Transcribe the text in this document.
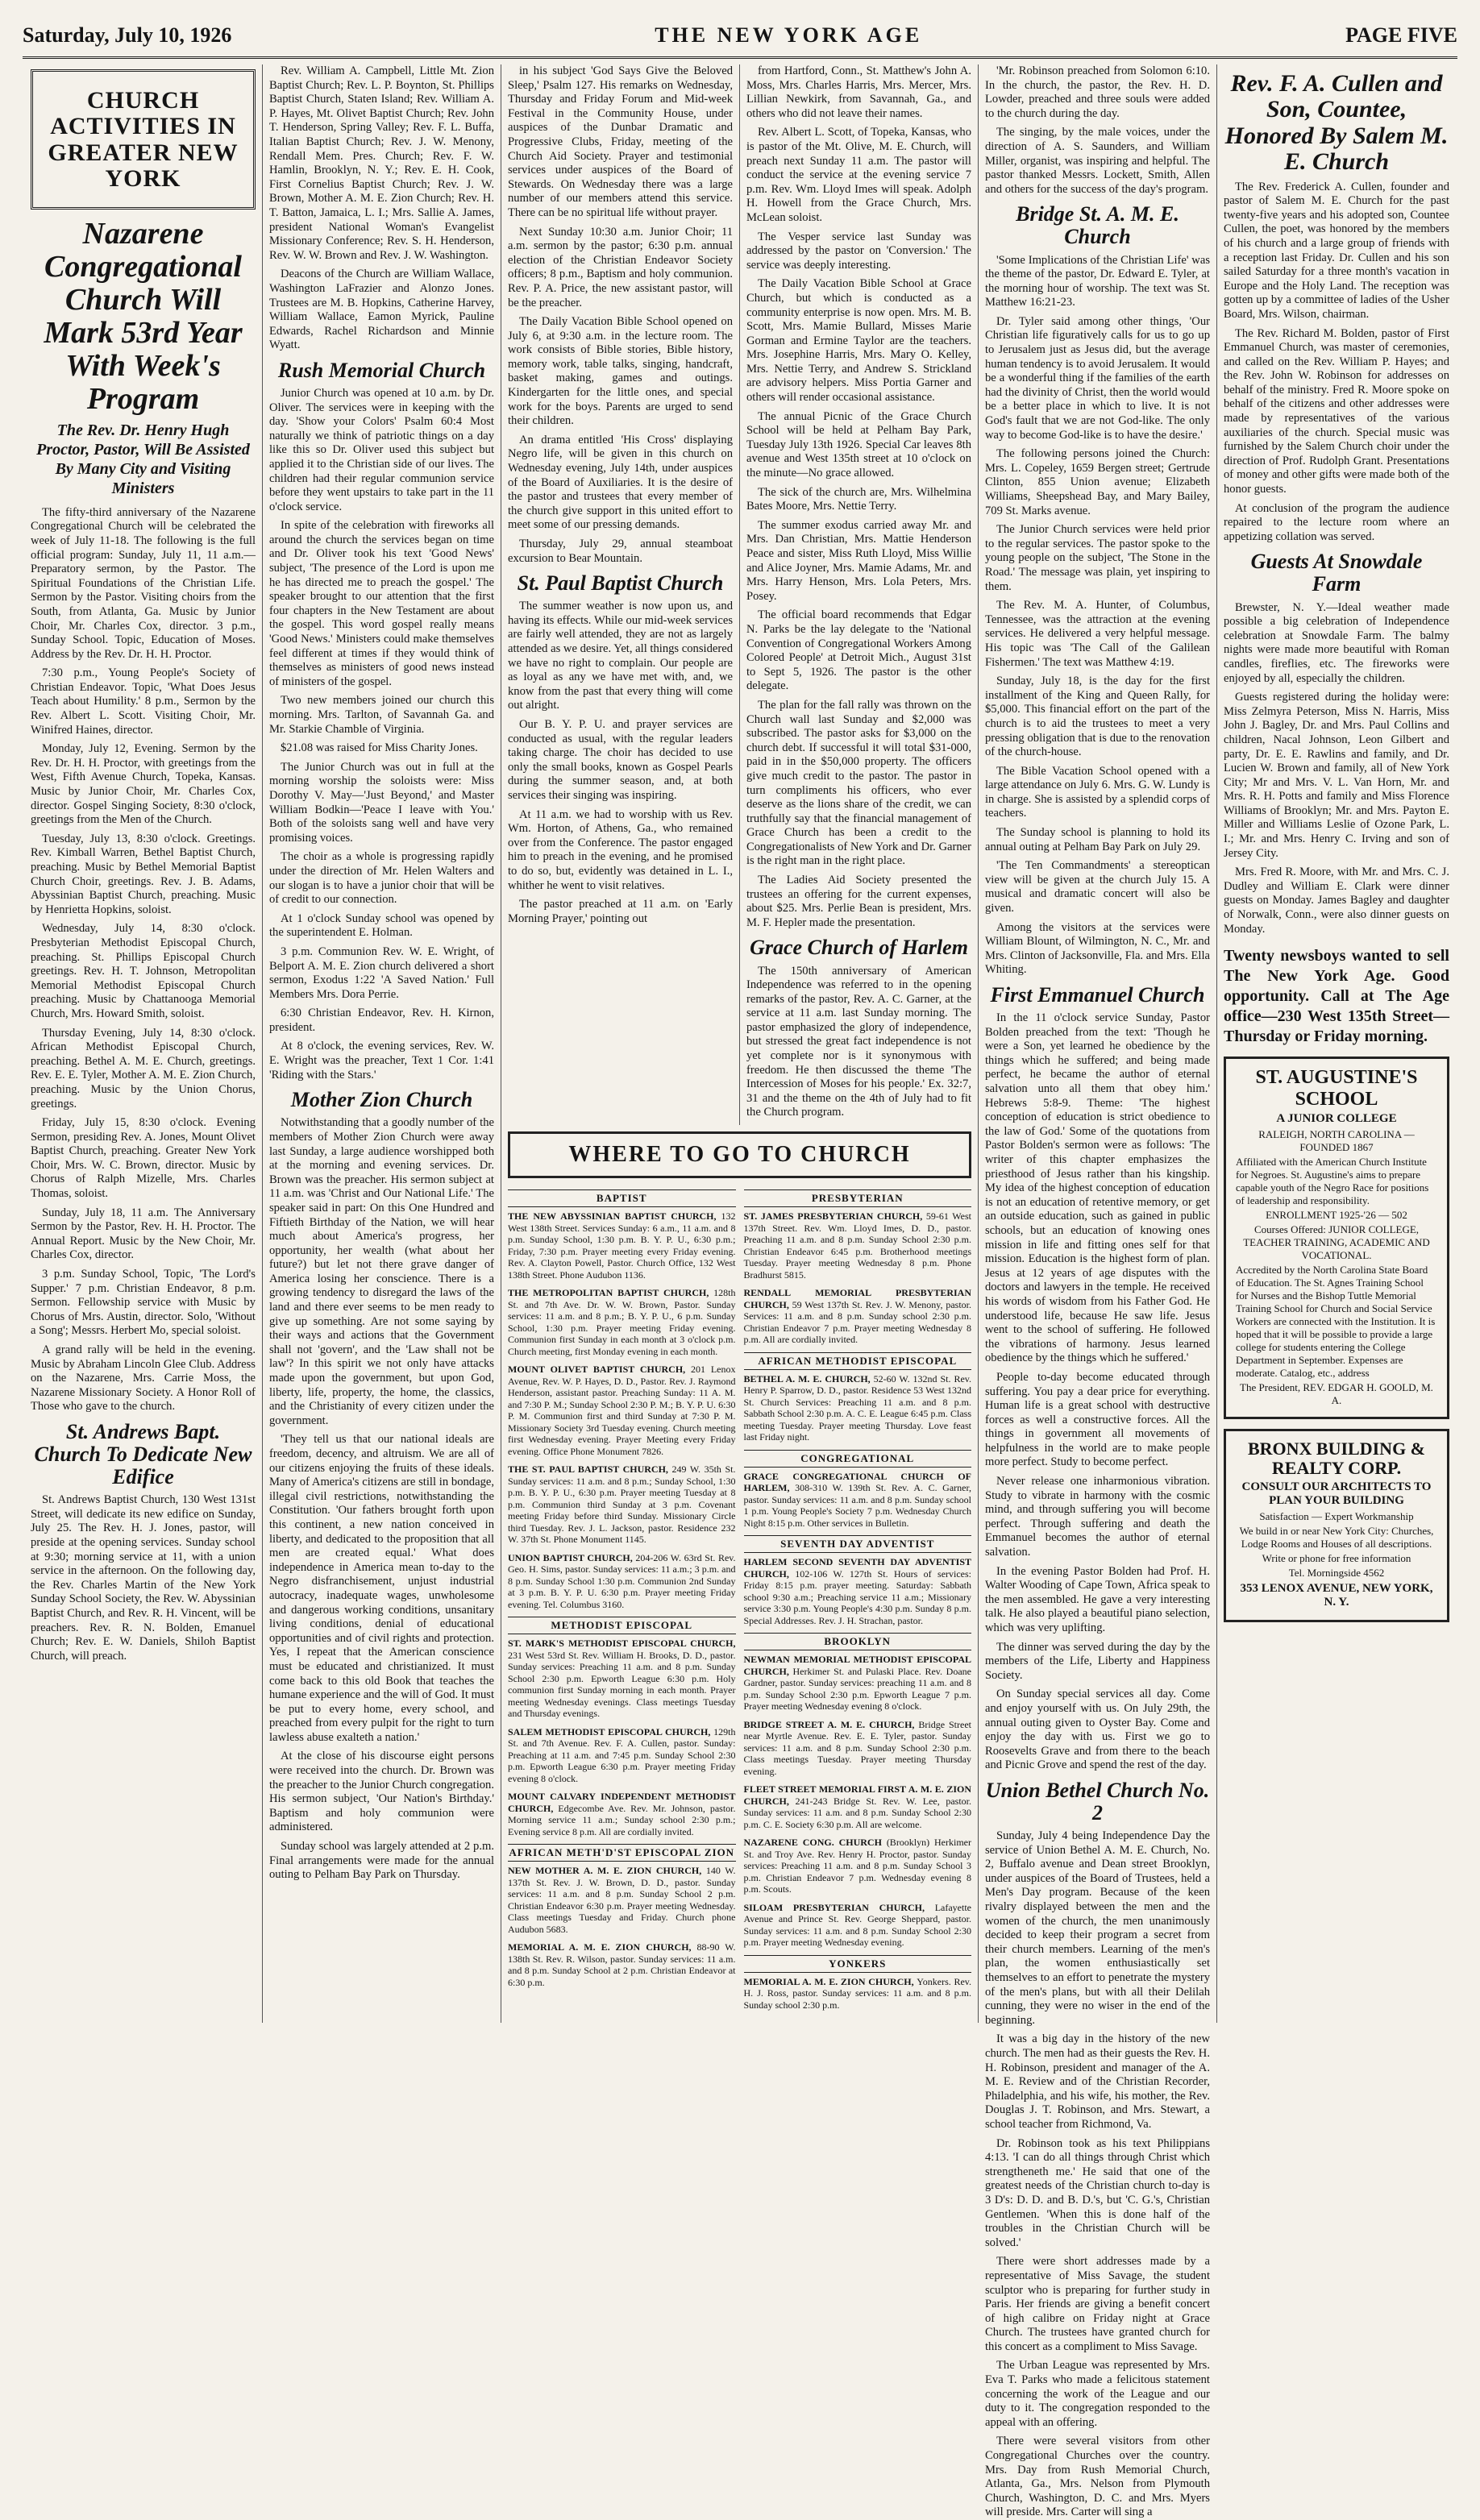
Saturday, July 10, 1926	THE NEW YORK AGE	PAGE FIVE
CHURCH ACTIVITIES IN GREATER NEW YORK
Nazarene Congregational Church Will Mark 53rd Year With Week's Program
The Rev. Dr. Henry Hugh Proctor, Pastor, Will Be Assisted By Many City and Visiting Ministers

The fifty-third anniversary of the Nazarene Congregational Church will be celebrated the week of July 11-18. The following is the full official program: Sunday, July 11, 11 a.m.—Preparatory sermon, by the Pastor. The Spiritual Foundations of the Christian Life. Sermon by the Pastor. Visiting choirs from the South, from Atlanta, Ga. Music by Junior Choir, Mr. Charles Cox, director. 3 p.m., Sunday School. Topic, Education of Moses. Address by the Rev. Dr. H. H. Proctor.

7:30 p.m., Young People's Society of Christian Endeavor. Topic, 'What Does Jesus Teach about Humility.' 8 p.m., Sermon by the Rev. Albert L. Scott. Visiting Choir, Mr. Winifred Haines, director.

Monday, July 12, Evening. Sermon by the Rev. Dr. H. H. Proctor, with greetings from the West, Fifth Avenue Church, Topeka, Kansas. Music by Junior Choir, Mr. Charles Cox, director. Gospel Singing Society, 8:30 o'clock, greetings from the Men of the Church.

Tuesday, July 13, 8:30 o'clock. Greetings. Rev. Kimball Warren, Bethel Baptist Church, preaching. Music by Bethel Memorial Baptist Church Choir, greetings. Rev. J. B. Adams, Abyssinian Baptist Church, preaching. Music by Henrietta Hopkins, soloist.

Wednesday, July 14, 8:30 o'clock. Presbyterian Methodist Episcopal Church, preaching. St. Phillips Episcopal Church greetings. Rev. H. T. Johnson, Metropolitan Memorial Methodist Episcopal Church preaching. Music by Chattanooga Memorial Church, Mrs. Howard Smith, soloist.

Thursday Evening, July 14, 8:30 o'clock. African Methodist Episcopal Church, preaching. Bethel A. M. E. Church, greetings. Rev. E. E. Tyler, Mother A. M. E. Zion Church, preaching. Music by the Union Chorus, greetings.

Friday, July 15, 8:30 o'clock. Evening Sermon, presiding Rev. A. Jones, Mount Olivet Baptist Church, preaching. Greater New York Choir, Mrs. W. C. Brown, director. Music by Chorus of Ralph Mizelle, Mrs. Charles Thomas, soloist.

Sunday, July 18, 11 a.m. The Anniversary Sermon by the Pastor, Rev. H. H. Proctor. The Annual Report. Music by the New Choir, Mr. Charles Cox, director.

3 p.m. Sunday School, Topic, 'The Lord's Supper.' 7 p.m. Christian Endeavor, 8 p.m. Sermon. Fellowship service with Music by Chorus of Mrs. Austin, director. Solo, 'Without a Song'; Messrs. Herbert Mo, special soloist.

A grand rally will be held in the evening. Music by Abraham Lincoln Glee Club. Address on the Nazarene, Mrs. Carrie Moss, the Nazarene Missionary Society. A Honor Roll of Those who gave to the church.

St. Andrews Bapt. Church To Dedicate New Edifice

St. Andrews Baptist Church, 130 West 131st Street, will dedicate its new edifice on Sunday, July 25. The Rev. H. J. Jones, pastor, will preside at the opening services. Sunday school at 9:30; morning service at 11, with a union service in the afternoon. On the following day, the Rev. Charles Martin of the New York Sunday School Society, the Rev. W. Abyssinian Baptist Church, and Rev. R. H. Vincent, will be preachers. Rev. R. N. Bolden, Emanuel Church; Rev. E. W. Daniels, Shiloh Baptist Church, will preach.

Rev. William A. Campbell, Little Mt. Zion Baptist Church; Rev. L. P. Boynton, St. Phillips Baptist Church, Staten Island; Rev. William A. P. Hayes, Mt. Olivet Baptist Church; Rev. John T. Henderson, Spring Valley; Rev. F. L. Buffa, Italian Baptist Church; Rev. J. W. Menony, Rendall Mem. Pres. Church; Rev. F. W. Hamlin, Brooklyn, N. Y.; Rev. E. H. Cook, First Cornelius Baptist Church; Rev. J. W. Brown, Mother A. M. E. Zion Church; Rev. H. T. Batton, Jamaica, L. I.; Mrs. Sallie A. James, president National Woman's Evangelist Missionary Conference; Rev. S. H. Henderson, Rev. W. W. Brown and Rev. J. W. Washington.

Deacons of the Church are William Wallace, Washington LaFrazier and Alonzo Jones. Trustees are M. B. Hopkins, Catherine Harvey, William Wallace, Eamon Myrick, Pauline Edwards, Rachel Richardson and Minnie Wyatt.

Rush Memorial Church

Junior Church was opened at 10 a.m. by Dr. Oliver. The services were in keeping with the day. 'Show your Colors' Psalm 60:4 Most naturally we think of patriotic things on a day like this so Dr. Oliver used this subject but applied it to the Christian side of our lives. The children had their regular communion service before they went upstairs to take part in the 11 o'clock service.

In spite of the celebration with fireworks all around the church the services began on time and Dr. Oliver took his text 'Good News' subject, 'The presence of the Lord is upon me he has directed me to preach the gospel.' The speaker brought to our attention that the first four chapters in the New Testament are about the gospel. This word gospel really means 'Good News.' Ministers could make themselves feel different at times if they would think of themselves as ministers of good news instead of ministers of the gospel.

Two new members joined our church this morning. Mrs. Tarlton, of Savannah Ga. and Mr. Starkie Chamble of Virginia.

$21.08 was raised for Miss Charity Jones.

The Junior Church was out in full at the morning worship the soloists were: Miss Dorothy V. May—'Just Beyond,' and Master William Bodkin—'Peace I leave with You.' Both of the soloists sang well and have very promising voices.

The choir as a whole is progressing rapidly under the direction of Mr. Helen Walters and our slogan is to have a junior choir that will be of credit to our connection.

At 1 o'clock Sunday school was opened by the superintendent E. Holman.

3 p.m. Communion Rev. W. E. Wright, of Belport A. M. E. Zion church delivered a short sermon, Exodus 1:22 'A Saved Nation.' Full Members Mrs. Dora Perrie.

6:30 Christian Endeavor, Rev. H. Kirnon, president.

At 8 o'clock, the evening services, Rev. W. E. Wright was the preacher, Text 1 Cor. 1:41 'Riding with the Stars.'

Mother Zion Church

Notwithstanding that a goodly number of the members of Mother Zion Church were away last Sunday, a large audience worshipped both at the morning and evening services. Dr. Brown was the preacher. His sermon subject at 11 a.m. was 'Christ and Our National Life.' The speaker said in part: On this One Hundred and Fiftieth Birthday of the Nation, we will hear much about America's progress, her opportunity, her wealth (what about her future?) but let not there grave danger of America losing her conscience. There is a growing tendency to disregard the laws of the land and there ever seems to be men ready to give up something. Are not some saying by their ways and actions that the Government shall not 'govern', and the 'Law shall not be law'? In this spirit we not only have attacks made upon the government, but upon God, liberty, life, property, the home, the classics, and the Christianity of every citizen under the government.

'They tell us that our national ideals are freedom, decency, and altruism. We are all of our citizens enjoying the fruits of these ideals. Many of America's citizens are still in bondage, illegal civil restrictions, notwithstanding the Constitution. 'Our fathers brought forth upon this continent, a new nation conceived in liberty, and dedicated to the proposition that all men are created equal.' What does independence in America mean to-day to the Negro disfranchisement, unjust industrial autocracy, inadequate wages, unwholesome and dangerous working conditions, unsanitary living conditions, denial of educational opportunities and of civil rights and protection. Yes, I repeat that the American conscience must be educated and christianized. It must come back to this old Book that teaches the humane experience and the will of God. It must be put to every home, every school, and preached from every pulpit for the right to turn lawless abuse exalteth a nation.'

At the close of his discourse eight persons were received into the church. Dr. Brown was the preacher to the Junior Church congregation. His sermon subject, 'Our Nation's Birthday.' Baptism and holy communion were administered.

Sunday school was largely attended at 2 p.m. Final arrangements were made for the annual outing to Pelham Bay Park on Thursday.

in his subject 'God Says Give the Beloved Sleep,' Psalm 127. His remarks on Wednesday, Thursday and Friday Forum and Mid-week Festival in the Community House, under auspices of the Dunbar Dramatic and Progressive Clubs, Friday, meeting of the Church Aid Society. Prayer and testimonial services under auspices of the Board of Stewards. On Wednesday there was a large number of our members attend this service. There can be no spiritual life without prayer.

Next Sunday 10:30 a.m. Junior Choir; 11 a.m. sermon by the pastor; 6:30 p.m. annual election of the Christian Endeavor Society officers; 8 p.m., Baptism and holy communion. Rev. P. A. Price, the new assistant pastor, will be the preacher.

The Daily Vacation Bible School opened on July 6, at 9:30 a.m. in the lecture room. The work consists of Bible stories, Bible history, memory work, table talks, singing, handcraft, basket making, games and outings. Kindergarten for the little ones, and special work for the boys. Parents are urged to send their children.

An drama entitled 'His Cross' displaying Negro life, will be given in this church on Wednesday evening, July 14th, under auspices of the Board of Auxiliaries. It is the desire of the pastor and trustees that every member of the church give support in this united effort to meet some of our pressing demands.

Thursday, July 29, annual steamboat excursion to Bear Mountain.

St. Paul Baptist Church

The summer weather is now upon us, and having its effects. While our mid-week services are fairly well attended, they are not as largely attended as we desire. Yet, all things considered we have no right to complain. Our people are as loyal as any we have met with, and, we know from the past that every thing will come out alright.

Our B. Y. P. U. and prayer services are conducted as usual, with the regular leaders taking charge. The choir has decided to use only the small books, known as Gospel Pearls during the summer season, and, at both services their singing was inspiring.

At 11 a.m. we had to worship with us Rev. Wm. Horton, of Athens, Ga., who remained over from the Conference. The pastor engaged him to preach in the evening, and he promised to do so, but, evidently was detained in L. I., whither he went to visit relatives.

The pastor preached at 11 a.m. on 'Early Morning Prayer,' pointing out

from Hartford, Conn., St. Matthew's John A. Moss, Mrs. Charles Harris, Mrs. Mercer, Mrs. Lillian Newkirk, from Savannah, Ga., and others who did not leave their names.

Rev. Albert L. Scott, of Topeka, Kansas, who is pastor of the Mt. Olive, M. E. Church, will preach next Sunday 11 a.m. The pastor will conduct the service at the evening service 7 p.m. Rev. Wm. Lloyd Imes will speak. Adolph H. Howell from the Grace Church, Mrs. McLean soloist.

The Vesper service last Sunday was addressed by the pastor on 'Conversion.' The service was deeply interesting.

The Daily Vacation Bible School at Grace Church, but which is conducted as a community enterprise is now open. Mrs. M. B. Scott, Mrs. Mamie Bullard, Misses Marie Gorman and Ermine Taylor are the teachers. Mrs. Josephine Harris, Mrs. Mary O. Kelley, Mrs. Nettie Terry, and Andrew S. Strickland are advisory helpers. Miss Portia Garner and others will render occasional assistance.

The annual Picnic of the Grace Church School will be held at Pelham Bay Park, Tuesday July 13th 1926. Special Car leaves 8th avenue and West 135th street at 10 o'clock on the minute—No grace allowed.

The sick of the church are, Mrs. Wilhelmina Bates Moore, Mrs. Nettie Terry.

The summer exodus carried away Mr. and Mrs. Dan Christian, Mrs. Mattie Henderson Peace and sister, Miss Ruth Lloyd, Miss Willie and Alice Joyner, Mrs. Mamie Adams, Mr. and Mrs. Harry Henson, Mrs. Lola Peters, Mrs. Posey.

The official board recommends that Edgar N. Parks be the lay delegate to the 'National Convention of Congregational Workers Among Colored People' at Detroit Mich., August 31st to Sept 5, 1926. The pastor is the other delegate.

The plan for the fall rally was thrown on the Church wall last Sunday and $2,000 was subscribed. The pastor asks for $3,000 on the church debt. If successful it will total $31-000, paid in in the $50,000 property. The officers give much credit to the pastor. The pastor in turn compliments his officers, who ever deserve as the lions share of the credit, we can truthfully say that the financial management of Grace Church has been a credit to the Congregationalists of New York and Dr. Garner is the right man in the right place.

The Ladies Aid Society presented the trustees an offering for the current expenses, about $25. Mrs. Perlie Bean is president, Mrs. M. F. Hepler made the presentation.

Grace Church of Harlem

The 150th anniversary of American Independence was referred to in the opening remarks of the pastor, Rev. A. C. Garner, at the service at 11 a.m. last Sunday morning. The pastor emphasized the glory of independence, but stressed the great fact independence is not yet complete nor is it synonymous with freedom. He then discussed the theme 'The Intercession of Moses for his people.' Ex. 32:7, 31 and the theme on the 4th of July had to fit the Church program.

WHERE TO GO TO CHURCH
BAPTIST
THE NEW ABYSSINIAN BAPTIST CHURCH, 132 West 138th Street. Services Sunday: 6 a.m., 11 a.m. and 8 p.m. Sunday School, 1:30 p.m. B. Y. P. U., 6:30 p.m.; Friday, 7:30 p.m. Prayer meeting every Friday evening. Rev. A. Clayton Powell, Pastor. Church Office, 132 West 138th Street. Phone Audubon 1136.
THE METROPOLITAN BAPTIST CHURCH, 128th St. and 7th Ave. Dr. W. W. Brown, Pastor. Sunday services: 11 a.m. and 8 p.m.; B. Y. P. U., 6 p.m. Sunday School, 1:30 p.m. Prayer meeting Friday evening. Communion first Sunday in each month at 3 o'clock p.m. Church meeting, first Monday evening in each month.
MOUNT OLIVET BAPTIST CHURCH, 201 Lenox Avenue, Rev. W. P. Hayes, D. D., Pastor. Rev. J. Raymond Henderson, assistant pastor. Preaching Sunday: 11 A. M. and 7:30 P. M.; Sunday School 2:30 P. M.; B. Y. P. U. 6:30 P. M. Communion first and third Sunday at 7:30 P. M. Missionary Society 3rd Tuesday evening. Church meeting first Wednesday evening. Prayer Meeting every Friday evening. Office Phone Monument 7826.
THE ST. PAUL BAPTIST CHURCH, 249 W. 35th St. Sunday services: 11 a.m. and 8 p.m.; Sunday School, 1:30 p.m. B. Y. P. U., 6:30 p.m. Prayer meeting Tuesday at 8 p.m. Communion third Sunday at 3 p.m. Covenant meeting Friday before third Sunday. Missionary Circle third Tuesday. Rev. J. L. Jackson, pastor. Residence 232 W. 37th St. Phone Monument 1145.
UNION BAPTIST CHURCH, 204-206 W. 63rd St. Rev. Geo. H. Sims, pastor. Sunday services: 11 a.m.; 3 p.m. and 8 p.m. Sunday School 1:30 p.m. Communion 2nd Sunday at 3 p.m. B. Y. P. U. 6:30 p.m. Prayer meeting Friday evening. Tel. Columbus 3160.
METHODIST EPISCOPAL
ST. MARK'S METHODIST EPISCOPAL CHURCH, 231 West 53rd St. Rev. William H. Brooks, D. D., pastor. Sunday services: Preaching 11 a.m. and 8 p.m. Sunday School 2:30 p.m. Epworth League 6:30 p.m. Holy communion first Sunday morning in each month. Prayer meeting Wednesday evenings. Class meetings Tuesday and Thursday evenings.
SALEM METHODIST EPISCOPAL CHURCH, 129th St. and 7th Avenue. Rev. F. A. Cullen, pastor. Sunday: Preaching at 11 a.m. and 7:45 p.m. Sunday School 2:30 p.m. Epworth League 6:30 p.m. Prayer meeting Friday evening 8 o'clock.
MOUNT CALVARY INDEPENDENT METHODIST CHURCH, Edgecombe Ave. Rev. Mr. Johnson, pastor. Morning service 11 a.m.; Sunday school 2:30 p.m.; Evening service 8 p.m. All are cordially invited.
AFRICAN METH'D'ST EPISCOPAL ZION
NEW MOTHER A. M. E. ZION CHURCH, 140 W. 137th St. Rev. J. W. Brown, D. D., pastor. Sunday services: 11 a.m. and 8 p.m. Sunday School 2 p.m. Christian Endeavor 6:30 p.m. Prayer meeting Wednesday. Class meetings Tuesday and Friday. Church phone Audubon 5683.
MEMORIAL A. M. E. ZION CHURCH, 88-90 W. 138th St. Rev. R. Wilson, pastor. Sunday services: 11 a.m. and 8 p.m. Sunday School at 2 p.m. Christian Endeavor at 6:30 p.m.
PRESBYTERIAN
ST. JAMES PRESBYTERIAN CHURCH, 59-61 West 137th Street. Rev. Wm. Lloyd Imes, D. D., pastor. Preaching 11 a.m. and 8 p.m. Sunday School 2:30 p.m. Christian Endeavor 6:45 p.m. Brotherhood meetings Tuesday. Prayer meeting Wednesday 8 p.m. Phone Bradhurst 5815.
RENDALL MEMORIAL PRESBYTERIAN CHURCH, 59 West 137th St. Rev. J. W. Menony, pastor. Services: 11 a.m. and 8 p.m. Sunday school 2:30 p.m. Christian Endeavor 7 p.m. Prayer meeting Wednesday 8 p.m. All are cordially invited.
AFRICAN METHODIST EPISCOPAL
BETHEL A. M. E. CHURCH, 52-60 W. 132nd St. Rev. Henry P. Sparrow, D. D., pastor. Residence 53 West 132nd St. Church Services: Preaching 11 a.m. and 8 p.m. Sabbath School 2:30 p.m. A. C. E. League 6:45 p.m. Class meeting Tuesday. Prayer meeting Thursday. Love feast last Friday night.
CONGREGATIONAL
GRACE CONGREGATIONAL CHURCH OF HARLEM, 308-310 W. 139th St. Rev. A. C. Garner, pastor. Sunday services: 11 a.m. and 8 p.m. Sunday school 1 p.m. Young People's Society 7 p.m. Wednesday Church Night 8:15 p.m. Other services in Bulletin.
SEVENTH DAY ADVENTIST
HARLEM SECOND SEVENTH DAY ADVENTIST CHURCH, 102-106 W. 127th St. Hours of services: Friday 8:15 p.m. prayer meeting. Saturday: Sabbath school 9:30 a.m.; Preaching service 11 a.m.; Missionary service 3:30 p.m. Young People's 4:30 p.m. Sunday 8 p.m. Special Addresses. Rev. J. H. Strachan, pastor.
BROOKLYN
NEWMAN MEMORIAL METHODIST EPISCOPAL CHURCH, Herkimer St. and Pulaski Place. Rev. Doane Gardner, pastor. Sunday services: preaching 11 a.m. and 8 p.m. Sunday School 2:30 p.m. Epworth League 7 p.m. Prayer meeting Wednesday evening 8 o'clock.
BRIDGE STREET A. M. E. CHURCH, Bridge Street near Myrtle Avenue. Rev. E. E. Tyler, pastor. Sunday services: 11 a.m. and 8 p.m. Sunday School 2:30 p.m. Class meetings Tuesday. Prayer meeting Thursday evening.
FLEET STREET MEMORIAL FIRST A. M. E. ZION CHURCH, 241-243 Bridge St. Rev. W. Lee, pastor. Sunday services: 11 a.m. and 8 p.m. Sunday School 2:30 p.m. C. E. Society 6:30 p.m. All are welcome.
NAZARENE CONG. CHURCH (Brooklyn) Herkimer St. and Troy Ave. Rev. Henry H. Proctor, pastor. Sunday services: Preaching 11 a.m. and 8 p.m. Sunday School 3 p.m. Christian Endeavor 7 p.m. Wednesday evening 8 p.m. Scouts.
SILOAM PRESBYTERIAN CHURCH, Lafayette Avenue and Prince St. Rev. George Sheppard, pastor. Sunday services: 11 a.m. and 8 p.m. Sunday School 2:30 p.m. Prayer meeting Wednesday evening.
YONKERS
MEMORIAL A. M. E. ZION CHURCH, Yonkers. Rev. H. J. Ross, pastor. Sunday services: 11 a.m. and 8 p.m. Sunday school 2:30 p.m.

'Mr. Robinson preached from Solomon 6:10. In the church, the pastor, the Rev. H. D. Lowder, preached and three souls were added to the church during the day.

The singing, by the male voices, under the direction of A. S. Saunders, and William Miller, organist, was inspiring and helpful. The pastor thanked Messrs. Lockett, Smith, Allen and others for the success of the day's program.

Bridge St. A. M. E. Church

'Some Implications of the Christian Life' was the theme of the pastor, Dr. Edward E. Tyler, at the morning hour of worship. The text was St. Matthew 16:21-23.

Dr. Tyler said among other things, 'Our Christian life figuratively calls for us to go up to Jerusalem just as Jesus did, but the average human tendency is to avoid Jerusalem. It would be a wonderful thing if the families of the earth had the divinity of Christ, then the world would be a better place in which to live. It is not God's fault that we are not God-like. The only way to become God-like is to have the desire.'

The following persons joined the Church: Mrs. L. Copeley, 1659 Bergen street; Gertrude Clinton, 855 Union avenue; Elizabeth Williams, Sheepshead Bay, and Mary Bailey, 709 St. Marks avenue.

The Junior Church services were held prior to the regular services. The pastor spoke to the young people on the subject, 'The Stone in the Road.' The message was plain, yet inspiring to them.

The Rev. M. A. Hunter, of Columbus, Tennessee, was the attraction at the evening services. He delivered a very helpful message. His topic was 'The Call of the Galilean Fishermen.' The text was Matthew 4:19.

Sunday, July 18, is the day for the first installment of the King and Queen Rally, for $5,000. This financial effort on the part of the church is to aid the trustees to meet a very pressing obligation that is due to the renovation of the church-house.

The Bible Vacation School opened with a large attendance on July 6. Mrs. G. W. Lundy is in charge. She is assisted by a splendid corps of teachers.

The Sunday school is planning to hold its annual outing at Pelham Bay Park on July 29.

'The Ten Commandments' a stereoptican view will be given at the church July 15. A musical and dramatic concert will also be given.

Among the visitors at the services were William Blount, of Wilmington, N. C., Mr. and Mrs. Clinton of Jacksonville, Fla. and Mrs. Ella Whiting.

First Emmanuel Church

In the 11 o'clock service Sunday, Pastor Bolden preached from the text: 'Though he were a Son, yet learned he obedience by the things which he suffered; and being made perfect, he became the author of eternal salvation unto all them that obey him.' Hebrews 5:8-9. Theme: 'The highest conception of education is strict obedience to the law of God.' Some of the quotations from Pastor Bolden's sermon were as follows: 'The writer of this chapter emphasizes the priesthood of Jesus rather than his kingship. My idea of the highest conception of education is not an education of retentive memory, or get an outside education, such as gained in public schools, but an education of knowing ones mission in life and fitting ones self for that mission. Education is the highest form of plan. Jesus at 12 years of age disputes with the doctors and lawyers in the temple. He received his words of wisdom from his Father God. He understood life, because He saw life. Jesus went to the school of suffering. He followed the vibrations of harmony. Jesus learned obedience by the things which he suffered.'

People to-day become educated through suffering. You pay a dear price for everything. Human life is a great school with destructive forces as well a constructive forces. All the things in government all movements of helpfulness in the world are to make people more perfect. Study to become perfect.

Never release one inharmonious vibration. Study to vibrate in harmony with the cosmic mind, and through suffering you will become perfect. Through suffering and death the Emmanuel becomes the author of eternal salvation.

In the evening Pastor Bolden had Prof. H. Walter Wooding of Cape Town, Africa speak to the men assembled. He gave a very interesting talk. He also played a beautiful piano selection, which was very uplifting.

The dinner was served during the day by the members of the Life, Liberty and Happiness Society.

On Sunday special services all day. Come and enjoy yourself with us. On July 29th, the annual outing given to Oyster Bay. Come and enjoy the day with us. First we go to Roosevelts Grave and from there to the beach and Picnic Grove and spend the rest of the day.

Union Bethel Church No. 2

Sunday, July 4 being Independence Day the service of Union Bethel A. M. E. Church, No. 2, Buffalo avenue and Dean street Brooklyn, under auspices of the Board of Trustees, held a Men's Day program. Because of the keen rivalry displayed between the men and the women of the church, the men unanimously decided to keep their program a secret from their church members. Learning of the men's plan, the women enthusiastically set themselves to an effort to penetrate the mystery of the men's plans, but with all their Delilah cunning, they were no wiser in the end of the beginning.

It was a big day in the history of the new church. The men had as their guests the Rev. H. H. Robinson, president and manager of the A. M. E. Review and of the Christian Recorder, Philadelphia, and his wife, his mother, the Rev. Douglas J. T. Robinson, and Mrs. Stewart, a school teacher from Richmond, Va.

Dr. Robinson took as his text Philippians 4:13. 'I can do all things through Christ which strengtheneth me.' He said that one of the greatest needs of the Christian church to-day is 3 D's: D. D. and B. D.'s, but 'C. G.'s, Christian Gentlemen. 'When this is done half of the troubles in the Christian Church will be solved.'

There were short addresses made by a representative of Miss Savage, the student sculptor who is preparing for further study in Paris. Her friends are giving a benefit concert of high calibre on Friday night at Grace Church. The trustees have granted church for this concert as a compliment to Miss Savage.

The Urban League was represented by Mrs. Eva T. Parks who made a felicitous statement concerning the work of the League and our duty to it. The congregation responded to the appeal with an offering.

There were several visitors from other Congregational Churches over the country. Mrs. Day from Rush Memorial Church, Atlanta, Ga., Mrs. Nelson from Plymouth Church, Washington, D. C. and Mrs. Myers will preside. Mrs. Carter will sing a

Rev. F. A. Cullen and Son, Countee, Honored By Salem M. E. Church

The Rev. Frederick A. Cullen, founder and pastor of Salem M. E. Church for the past twenty-five years and his adopted son, Countee Cullen, the poet, was honored by the members of his church and a large group of friends with a reception last Friday. Dr. Cullen and his son sailed Saturday for a three month's vacation in Europe and the Holy Land. The reception was gotten up by a committee of ladies of the Usher Board, Mrs. Wilson, chairman.

The Rev. Richard M. Bolden, pastor of First Emmanuel Church, was master of ceremonies, and called on the Rev. William P. Hayes; and the Rev. John W. Robinson for addresses on behalf of the ministry. Fred R. Moore spoke on behalf of the citizens and other addresses were made by representatives of the various auxiliaries of the church. Special music was furnished by the Salem Church choir under the direction of Prof. Rudolph Grant. Presentations of money and other gifts were made both of the honor guests.

At conclusion of the program the audience repaired to the lecture room where an appetizing collation was served.

Guests At Snowdale Farm

Brewster, N. Y.—Ideal weather made possible a big celebration of Independence celebration at Snowdale Farm. The balmy nights were made more beautiful with Roman candles, fireflies, etc. The fireworks were enjoyed by all, especially the children.

Guests registered during the holiday were: Miss Zelmyra Peterson, Miss N. Harris, Miss John J. Bagley, Dr. and Mrs. Paul Collins and children, Nacal Johnson, Leon Gilbert and party, Dr. E. E. Rawlins and family, and Dr. Lucien W. Brown and family, all of New York City; Mr and Mrs. V. L. Van Horn, Mr. and Mrs. R. H. Potts and family and Miss Florence Williams of Brooklyn; Mr. and Mrs. Payton E. Miller and Williams Leslie of Ozone Park, L. I.; Mr. and Mrs. Henry C. Irving and son of Jersey City.

Mrs. Fred R. Moore, with Mr. and Mrs. C. J. Dudley and William E. Clark were dinner guests on Monday. James Bagley and daughter of Norwalk, Conn., were also dinner guests on Monday.

Twenty newsboys wanted to sell The New York Age. Good opportunity. Call at The Age office—230 West 135th Street—Thursday or Friday morning.
ST. AUGUSTINE'S SCHOOL
A JUNIOR COLLEGE
RALEIGH, NORTH CAROLINA — FOUNDED 1867
Affiliated with the American Church Institute for Negroes. St. Augustine's aims to prepare capable youth of the Negro Race for positions of leadership and responsibility.
ENROLLMENT 1925-'26 — 502
Courses Offered: JUNIOR COLLEGE, TEACHER TRAINING, ACADEMIC AND VOCATIONAL.
Accredited by the North Carolina State Board of Education. The St. Agnes Training School for Nurses and the Bishop Tuttle Memorial Training School for Church and Social Service Workers are connected with the Institution. It is hoped that it will be possible to provide a large college for students entering the College Department in September. Expenses are moderate. Catalog, etc., address
The President, REV. EDGAR H. GOOLD, M. A.
BRONX BUILDING & REALTY CORP.
CONSULT OUR ARCHITECTS TO PLAN YOUR BUILDING
Satisfaction — Expert Workmanship
We build in or near New York City: Churches, Lodge Rooms and Houses of all descriptions.
Write or phone for free information
Tel. Morningside 4562
353 LENOX AVENUE, NEW YORK, N. Y.
